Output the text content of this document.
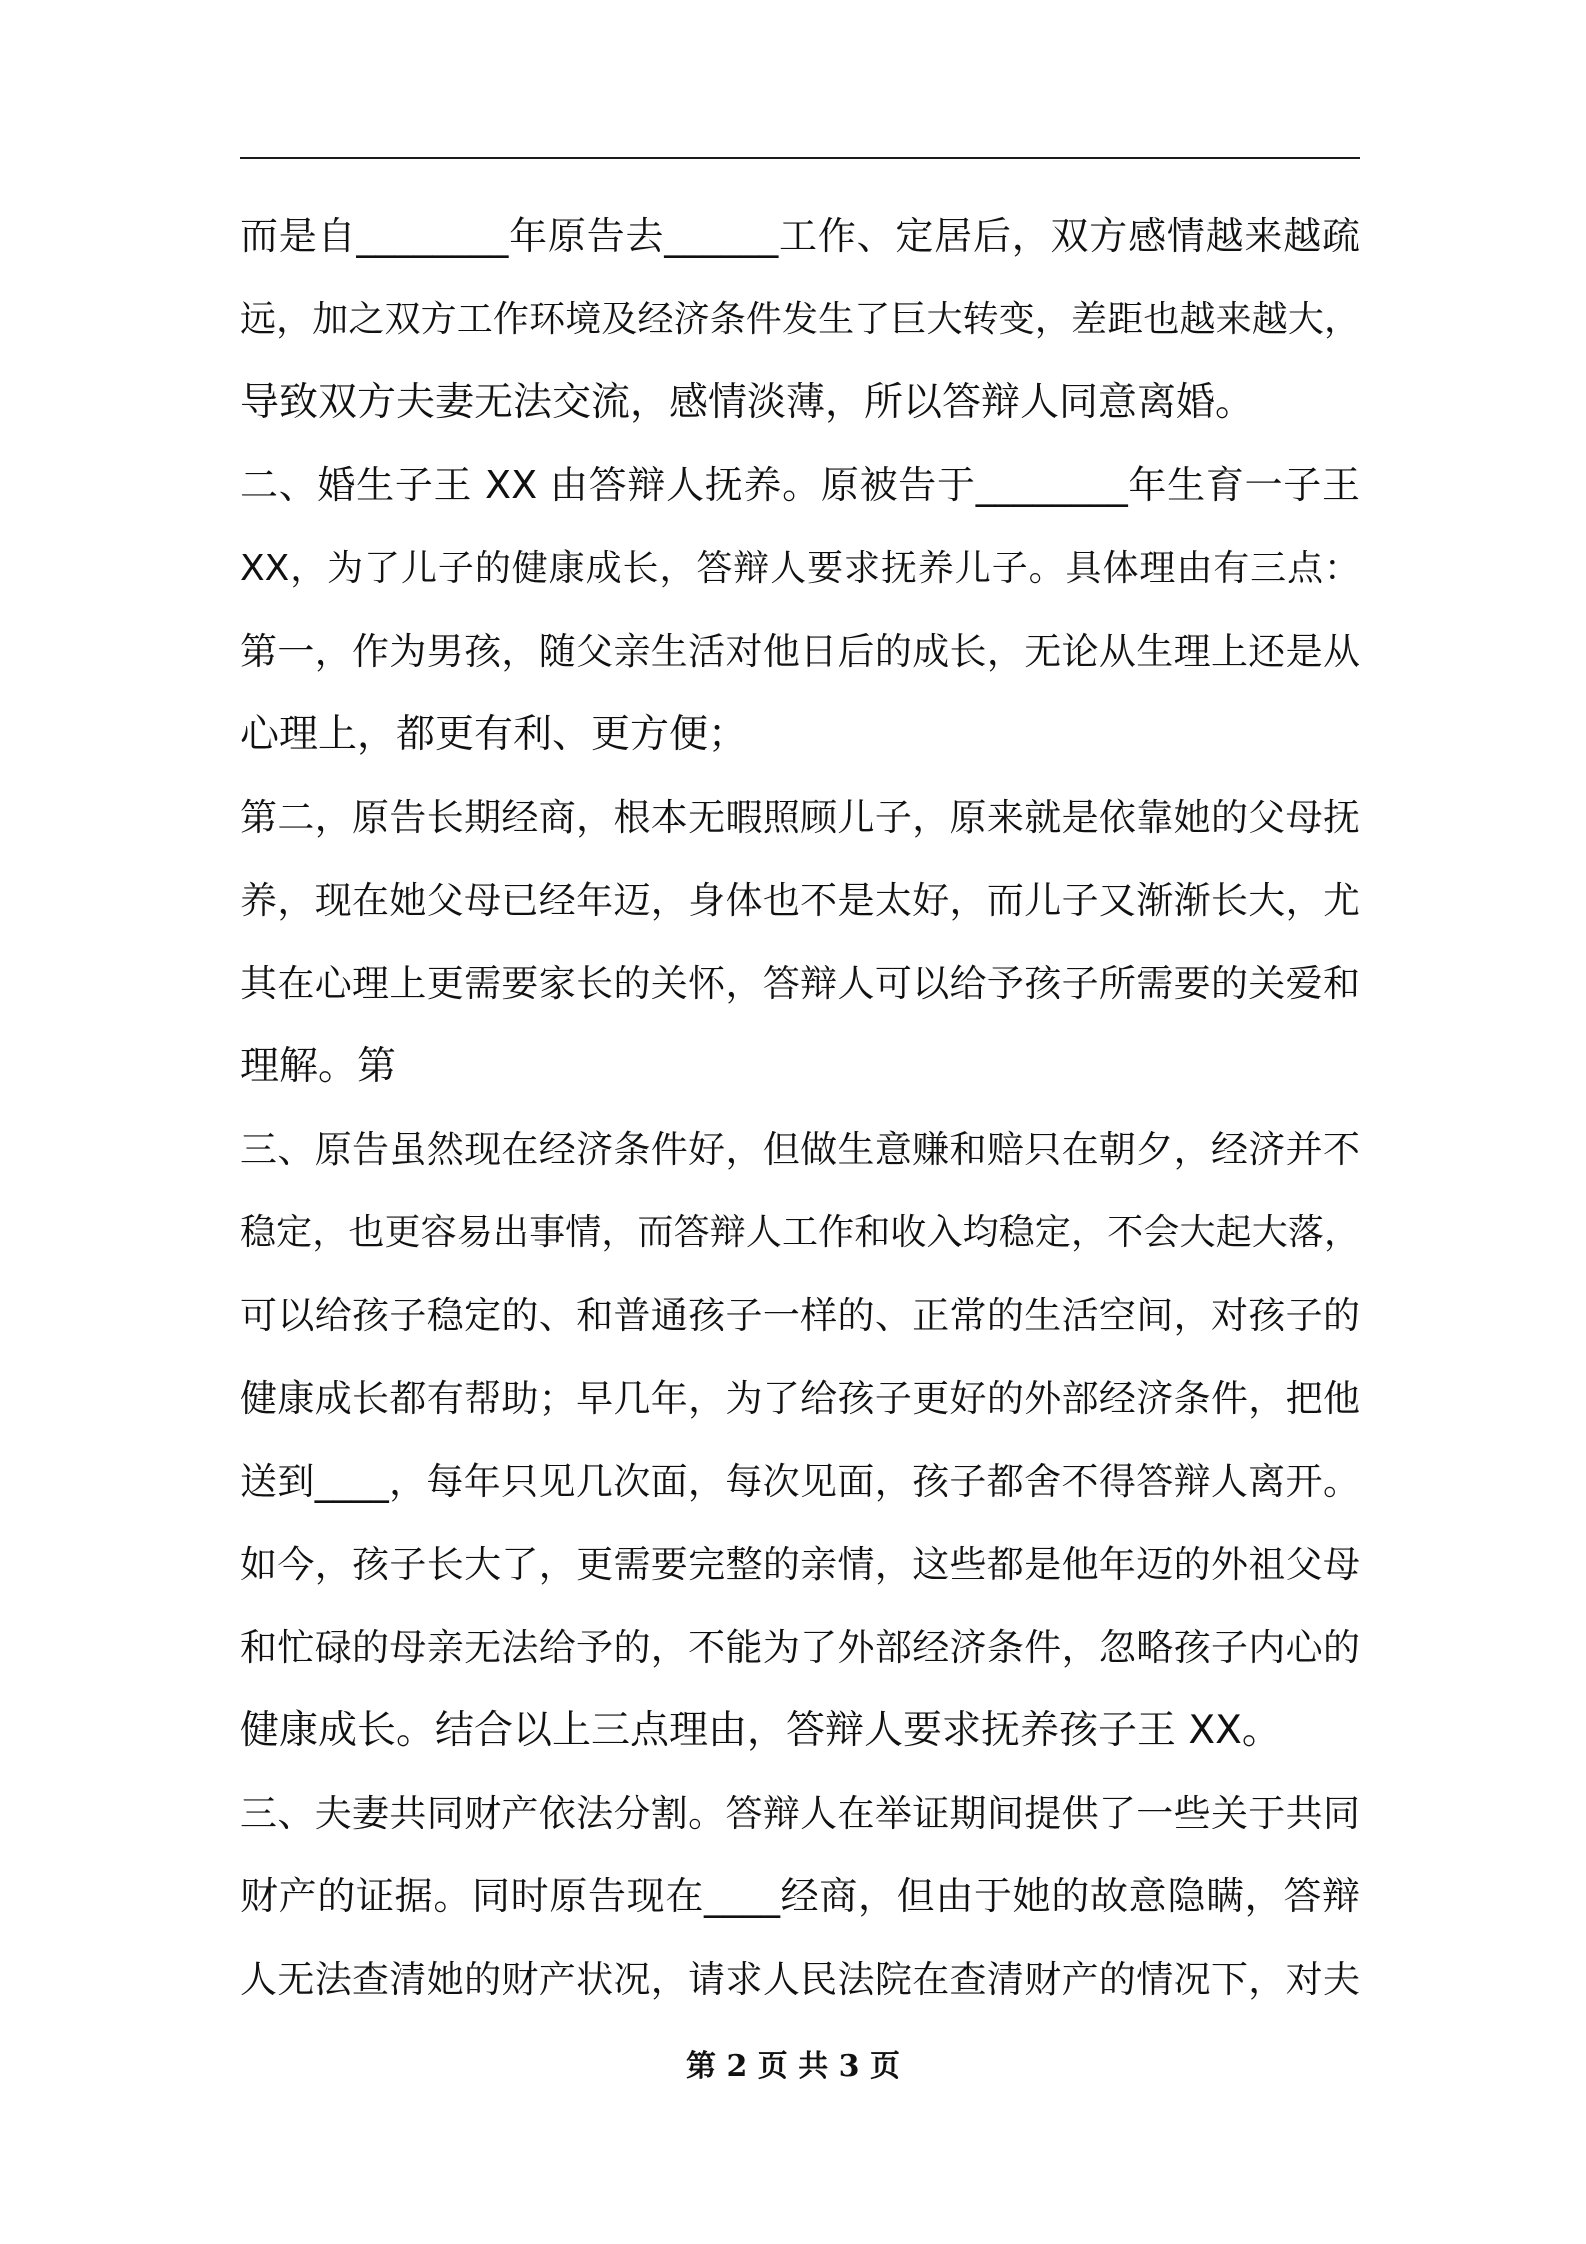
而是自________年原告去______工作、定居后，双方感情越来越疏
远，加之双方工作环境及经济条件发生了巨大转变，差距也越来越大，
导致双方夫妻无法交流，感情淡薄，所以答辩人同意离婚。
二、婚生子王 XX 由答辩人抚养。原被告于________年生育一子王
XX，为了儿子的健康成长，答辩人要求抚养儿子。具体理由有三点：
第一，作为男孩，随父亲生活对他日后的成长，无论从生理上还是从
心理上，都更有利、更方便；
第二，原告长期经商，根本无暇照顾儿子，原来就是依靠她的父母抚
养，现在她父母已经年迈，身体也不是太好，而儿子又渐渐长大，尤
其在心理上更需要家长的关怀，答辩人可以给予孩子所需要的关爱和
理解。第
三、原告虽然现在经济条件好，但做生意赚和赔只在朝夕，经济并不
稳定，也更容易出事情，而答辩人工作和收入均稳定，不会大起大落，
可以给孩子稳定的、和普通孩子一样的、正常的生活空间，对孩子的
健康成长都有帮助；早几年，为了给孩子更好的外部经济条件，把他
送到____，每年只见几次面，每次见面，孩子都舍不得答辩人离开。
如今，孩子长大了，更需要完整的亲情，这些都是他年迈的外祖父母
和忙碌的母亲无法给予的，不能为了外部经济条件，忽略孩子内心的
健康成长。结合以上三点理由，答辩人要求抚养孩子王 XX。
三、夫妻共同财产依法分割。答辩人在举证期间提供了一些关于共同
财产的证据。同时原告现在____经商，但由于她的故意隐瞒，答辩
人无法查清她的财产状况，请求人民法院在查清财产的情况下，对夫
第 2 页 共 3 页
